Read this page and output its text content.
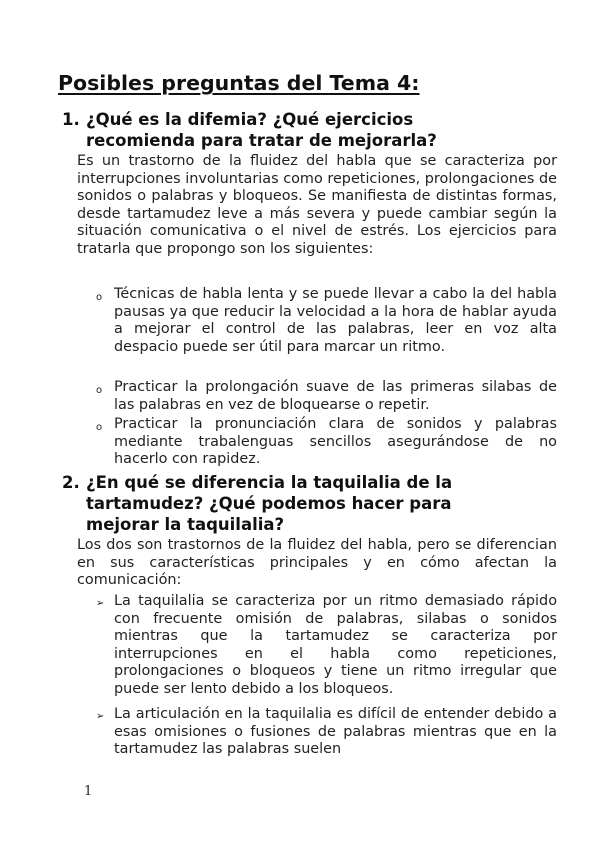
Posibles preguntas del Tema 4:
1. ¿Qué es la difemia? ¿Qué ejercicios recomienda para tratar de mejorarla?
Es un trastorno de la fluidez del habla que se caracteriza por interrupciones involuntarias como repeticiones, prolongaciones de sonidos o palabras y bloqueos. Se manifiesta de distintas formas, desde tartamudez leve a más severa y puede cambiar según la situación comunicativa o el nivel de estrés. Los ejercicios para tratarla que propongo son los siguientes:
o Técnicas de habla lenta y se puede llevar a cabo la del habla pausas ya que reducir la velocidad a la hora de hablar ayuda a mejorar el control de las palabras, leer en voz alta despacio puede ser útil para marcar un ritmo.
o Practicar la prolongación suave de las primeras silabas de las palabras en vez de bloquearse o repetir.
o Practicar la pronunciación clara de sonidos y palabras mediante trabalenguas sencillos asegurándose de no hacerlo con rapidez.
2. ¿En qué se diferencia la taquilalia de la tartamudez? ¿Qué podemos hacer para mejorar la taquilalia?
Los dos son trastornos de la fluidez del habla, pero se diferencian en sus características principales y en cómo afectan la comunicación:
➢ La taquilalia se caracteriza por un ritmo demasiado rápido con frecuente omisión de palabras, silabas o sonidos mientras que la tartamudez se caracteriza por interrupciones en el habla como repeticiones, prolongaciones o bloqueos y tiene un ritmo irregular que puede ser lento debido a los bloqueos.
➢ La articulación en la taquilalia es difícil de entender debido a esas omisiones o fusiones de palabras mientras que en la tartamudez las palabras suelen
1
